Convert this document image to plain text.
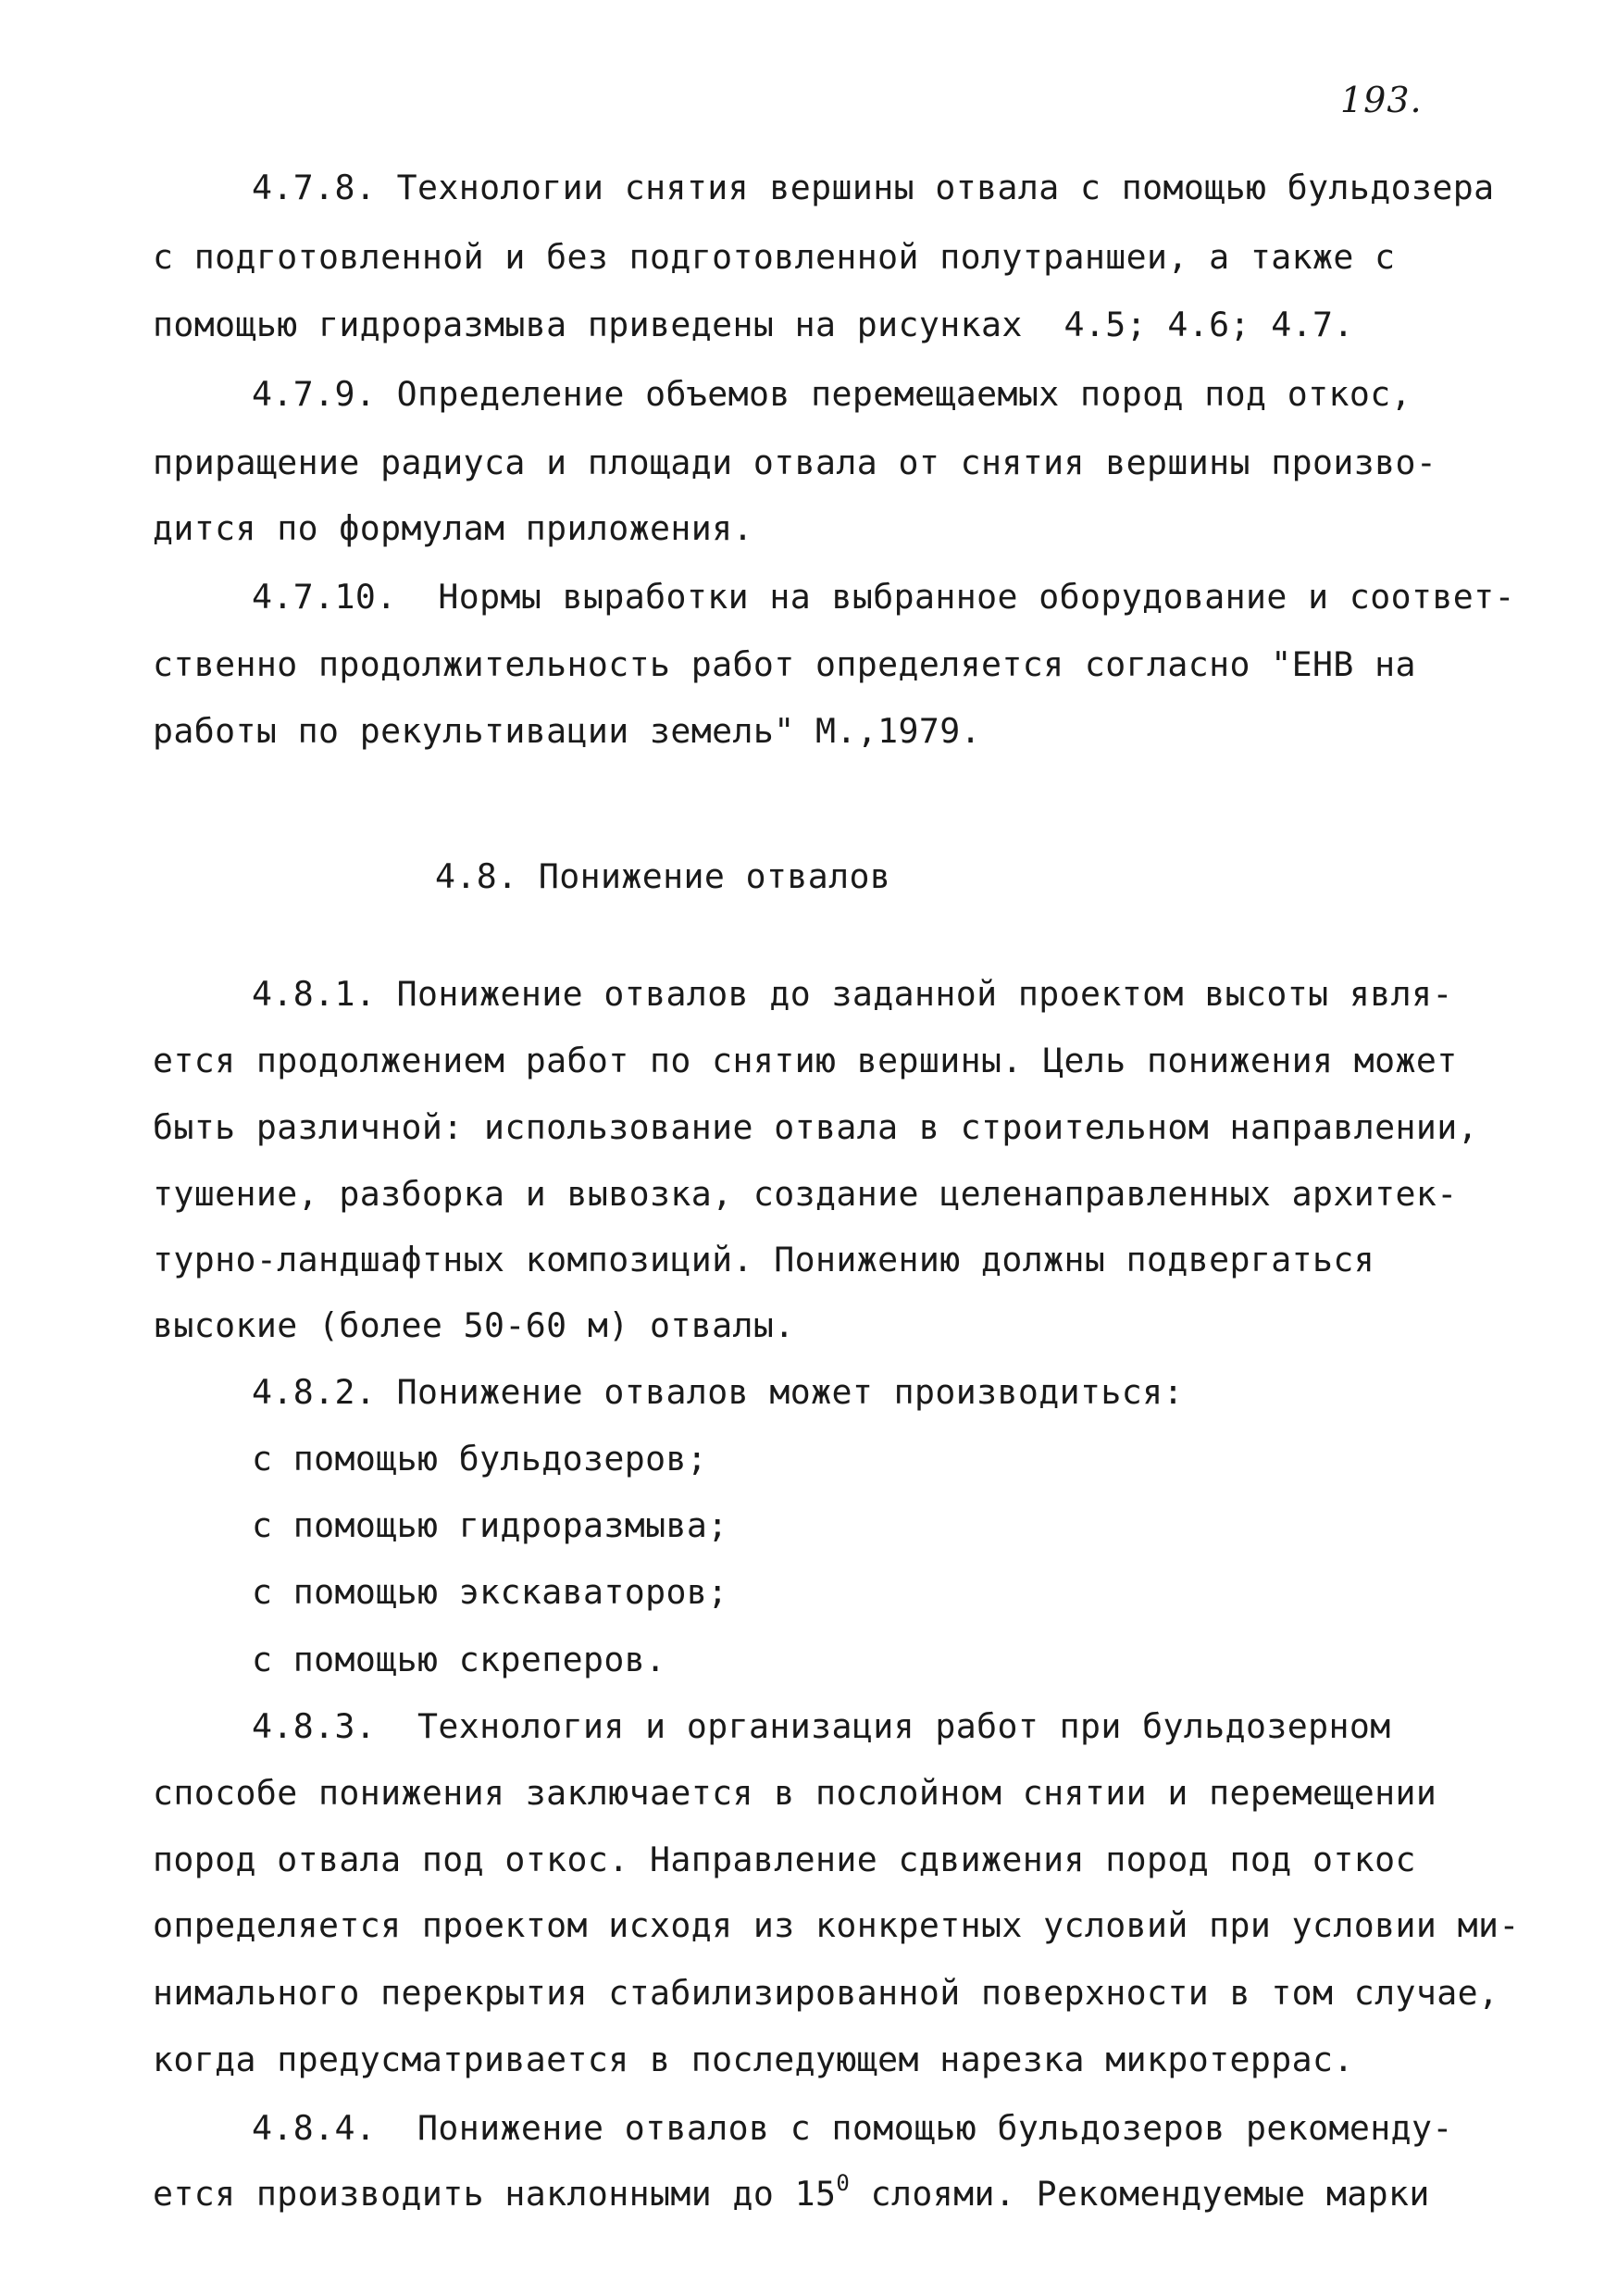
193.
4.7.8. Технологии снятия вершины отвала с помощью бульдозера
с подготовленной и без подготовленной полутраншеи, а также с
помощью гидроразмыва приведены на рисунках  4.5; 4.6; 4.7.
4.7.9. Определение объемов перемещаемых пород под откос,
приращение радиуса и площади отвала от снятия вершины произво-
дится по формулам приложения.
4.7.10.  Нормы выработки на выбранное оборудование и соответ-
ственно продолжительность работ определяется согласно "ЕНВ на
работы по рекультивации земель" М.,1979.
4.8. Понижение отвалов
4.8.1. Понижение отвалов до заданной проектом высоты явля-
ется продолжением работ по снятию вершины. Цель понижения может
быть различной: использование отвала в строительном направлении,
тушение, разборка и вывозка, создание целенаправленных архитек-
турно-ландшафтных композиций. Понижению должны подвергаться
высокие (более 50-60 м) отвалы.
4.8.2. Понижение отвалов может производиться:
с помощью бульдозеров;
с помощью гидроразмыва;
с помощью экскаваторов;
с помощью скреперов.
4.8.3.  Технология и организация работ при бульдозерном
способе понижения заключается в послойном снятии и перемещении
пород отвала под откос. Направление сдвижения пород под откос
определяется проектом исходя из конкретных условий при условии ми-
нимального перекрытия стабилизированной поверхности в том случае,
когда предусматривается в последующем нарезка микротеррас.
4.8.4.  Понижение отвалов с помощью бульдозеров рекоменду-
ется производить наклонными до $15^0$ слоями. Рекомендуемые марки
